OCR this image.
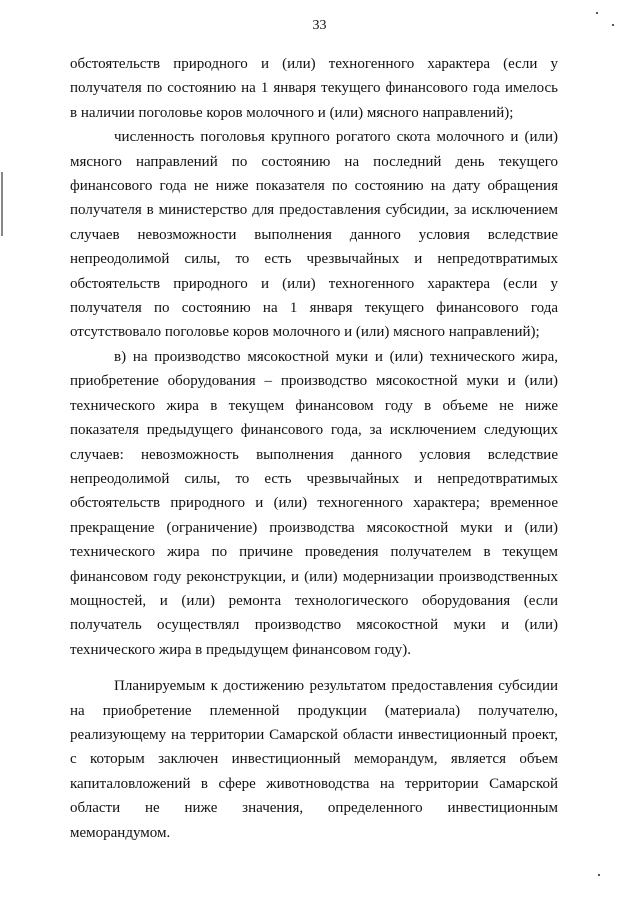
33
обстоятельств природного и (или) техногенного характера (если у
получателя по состоянию на 1 января текущего финансового года имелось
в наличии поголовье коров молочного и (или) мясного направлений);
численность поголовья крупного рогатого скота молочного и (или)
мясного направлений по состоянию на последний день текущего
финансового года не ниже показателя по состоянию на дату обращения
получателя в министерство для предоставления субсидии, за исключением
случаев невозможности выполнения данного условия вследствие
непреодолимой силы, то есть чрезвычайных и непредотвратимых
обстоятельств природного и (или) техногенного характера (если у
получателя по состоянию на 1 января текущего финансового года
отсутствовало поголовье коров молочного и (или) мясного направлений);
в) на производство мясокостной муки и (или) технического жира,
приобретение оборудования – производство мясокостной муки и (или)
технического жира в текущем финансовом году в объеме не ниже
показателя предыдущего финансового года, за исключением следующих
случаев: невозможность выполнения данного условия вследствие
непреодолимой силы, то есть чрезвычайных и непредотвратимых
обстоятельств природного и (или) техногенного характера; временное
прекращение (ограничение) производства мясокостной муки и (или)
технического жира по причине проведения получателем в текущем
финансовом году реконструкции, и (или) модернизации производственных
мощностей, и (или) ремонта технологического оборудования (если
получатель осуществлял производство мясокостной муки и (или)
технического жира в предыдущем финансовом году).
Планируемым к достижению результатом предоставления субсидии
на приобретение племенной продукции (материала) получателю,
реализующему на территории Самарской области инвестиционный проект,
с которым заключен инвестиционный меморандум, является объем
капиталовложений в сфере животноводства на территории Самарской
области не ниже значения, определенного инвестиционным
меморандумом.
